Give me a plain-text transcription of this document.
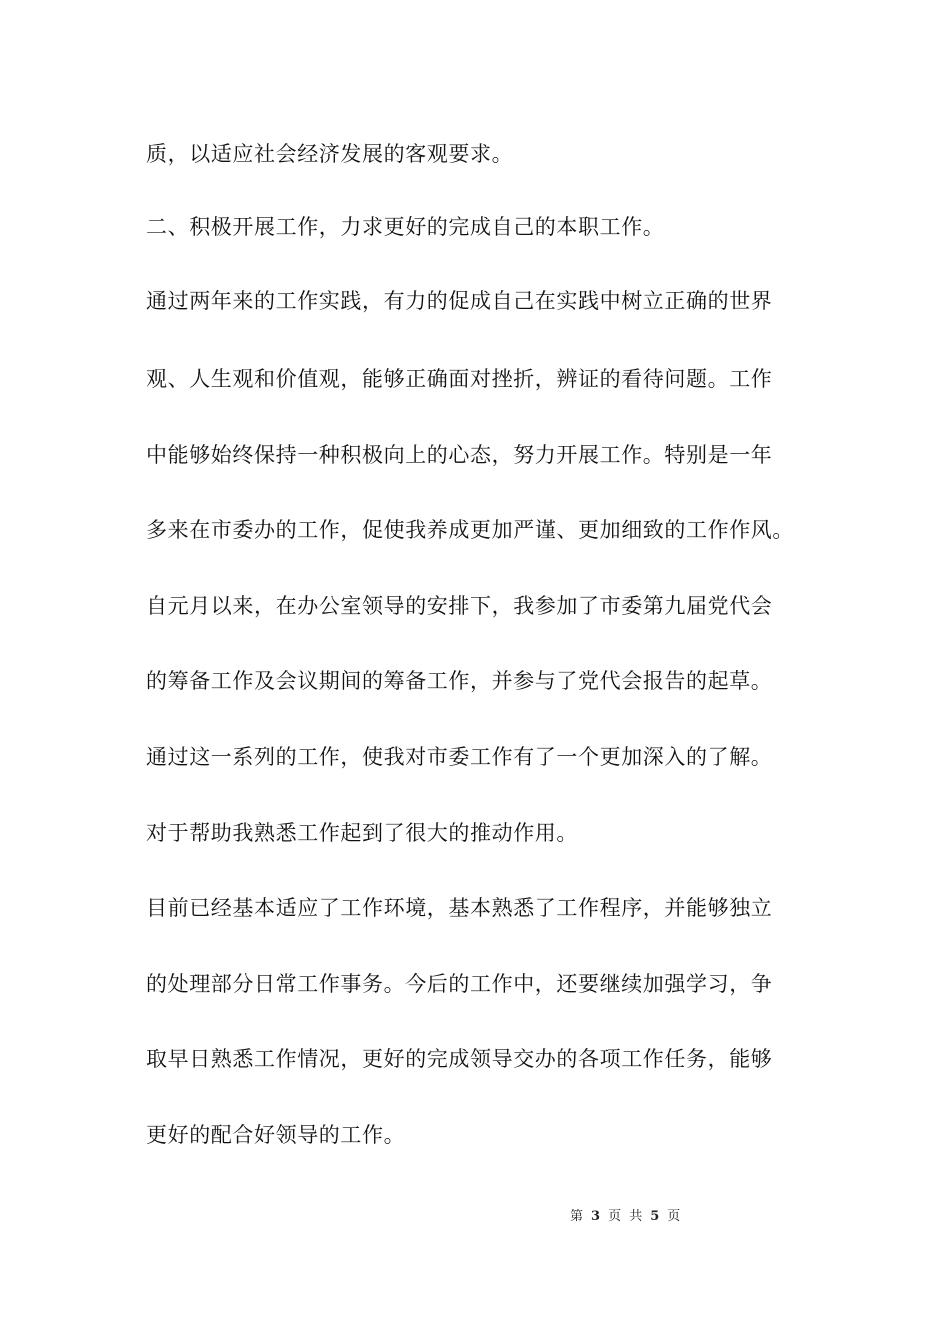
质，以适应社会经济发展的客观要求。
二、积极开展工作，力求更好的完成自己的本职工作。
通过两年来的工作实践，有力的促成自己在实践中树立正确的世界
观、人生观和价值观，能够正确面对挫折，辨证的看待问题。工作
中能够始终保持一种积极向上的心态，努力开展工作。特别是一年
多来在市委办的工作，促使我养成更加严谨、更加细致的工作作风。
自元月以来，在办公室领导的安排下，我参加了市委第九届党代会
的筹备工作及会议期间的筹备工作，并参与了党代会报告的起草。
通过这一系列的工作，使我对市委工作有了一个更加深入的了解。
对于帮助我熟悉工作起到了很大的推动作用。
目前已经基本适应了工作环境，基本熟悉了工作程序，并能够独立
的处理部分日常工作事务。今后的工作中，还要继续加强学习，争
取早日熟悉工作情况，更好的完成领导交办的各项工作任务，能够
更好的配合好领导的工作。
第 3 页 共 5 页
